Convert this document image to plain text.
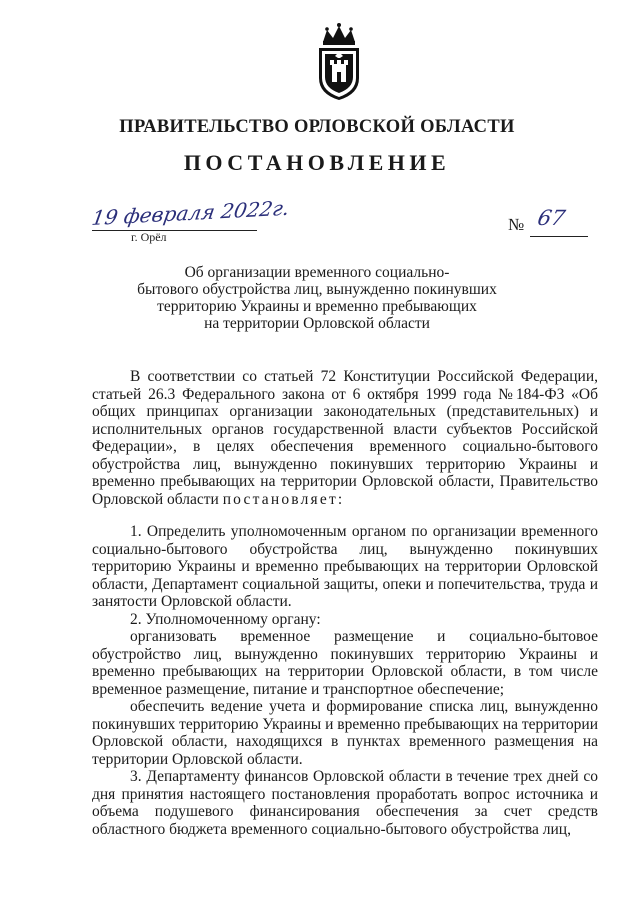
ПРАВИТЕЛЬСТВО ОРЛОВСКОЙ ОБЛАСТИ
ПОСТАНОВЛЕНИЕ
19 февраля 2022г.
г. Орёл
№ 67
Об организации временного социально-
бытового обустройства лиц, вынужденно покинувших
территорию Украины и временно пребывающих
на территории Орловской области

В соответствии со статьей 72 Конституции Российской Федерации, статьей 26.3 Федерального закона от 6 октября 1999 года №184-ФЗ «Об общих принципах организации законодательных (представительных) и исполнительных органов государственной власти субъектов Российской Федерации», в целях обеспечения временного социально-бытового обустройства лиц, вынужденно покинувших территорию Украины и временно пребывающих на территории Орловской области, Правительство Орловской области постановляет:

1. Определить уполномоченным органом по организации временного социально-бытового обустройства лиц, вынужденно покинувших территорию Украины и временно пребывающих на территории Орловской области, Департамент социальной защиты, опеки и попечительства, труда и занятости Орловской области.

2. Уполномоченному органу:

организовать временное размещение и социально-бытовое обустройство лиц, вынужденно покинувших территорию Украины и временно пребывающих на территории Орловской области, в том числе временное размещение, питание и транспортное обеспечение;

обеспечить ведение учета и формирование списка лиц, вынужденно покинувших территорию Украины и временно пребывающих на территории Орловской области, находящихся в пунктах временного размещения на территории Орловской области.

3. Департаменту финансов Орловской области в течение трех дней со дня принятия настоящего постановления проработать вопрос источника и объема подушевого финансирования обеспечения за счет средств областного бюджета временного социально-бытового обустройства лиц,
